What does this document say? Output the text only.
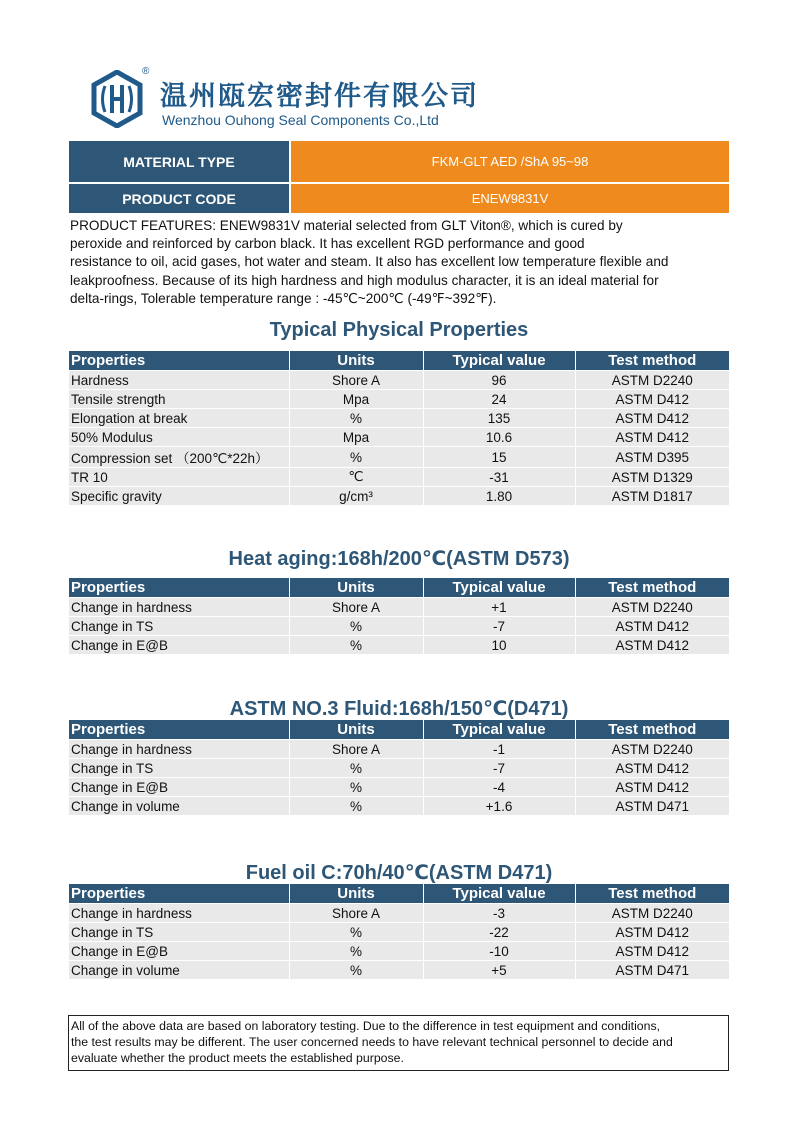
®
温州瓯宏密封件有限公司
Wenzhou Ouhong Seal Components Co.,Ltd
MATERIAL TYPE	FKM-GLT AED /ShA 95~98
PRODUCT CODE	ENEW9831V

PRODUCT FEATURES: ENEW9831V material selected from GLT Viton®, which is cured by

peroxide and reinforced by carbon black. It has excellent RGD performance and good

resistance to oil, acid gases, hot water and steam. It also has excellent low temperature flexible and

leakproofness. Because of its high hardness and high modulus character, it is an ideal material for

delta-rings, Tolerable temperature range : -45℃~200℃ (-49℉~392℉).

Typical Physical Properties
Properties	Units	Typical value	Test method
Hardness	Shore A	96	ASTM D2240
Tensile strength	Mpa	24	ASTM D412
Elongation at break	%	135	ASTM D412
50% Modulus	Mpa	10.6	ASTM D412
Compression set （200℃*22h）	%	15	ASTM D395
TR 10	℃	-31	ASTM D1329
Specific gravity	g/cm³	1.80	ASTM D1817
Heat aging:168h/200℃(ASTM D573)
Properties	Units	Typical value	Test method
Change in hardness	Shore A	+1	ASTM D2240
Change in TS	%	-7	ASTM D412
Change in E@B	%	10	ASTM D412
ASTM NO.3 Fluid:168h/150℃(D471)
Properties	Units	Typical value	Test method
Change in hardness	Shore A	-1	ASTM D2240
Change in TS	%	-7	ASTM D412
Change in E@B	%	-4	ASTM D412
Change in volume	%	+1.6	ASTM D471
Fuel oil C:70h/40℃(ASTM D471)
Properties	Units	Typical value	Test method
Change in hardness	Shore A	-3	ASTM D2240
Change in TS	%	-22	ASTM D412
Change in E@B	%	-10	ASTM D412
Change in volume	%	+5	ASTM D471

All of the above data are based on laboratory testing. Due to the difference in test equipment and conditions,

the test results may be different. The user concerned needs to have relevant technical personnel to decide and

evaluate whether the product meets the established purpose.
